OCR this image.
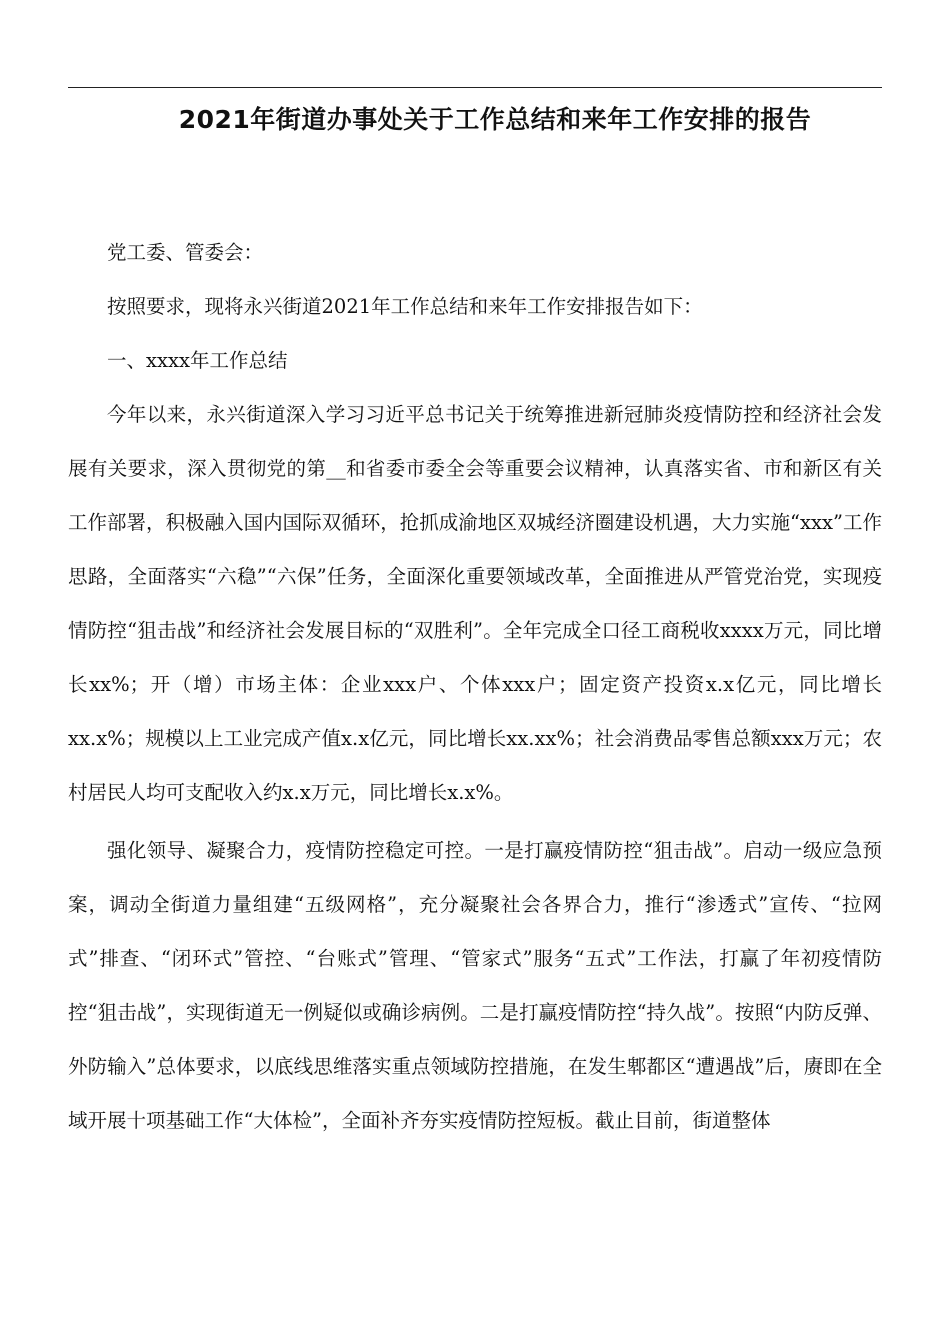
2021年街道办事处关于工作总结和来年工作安排的报告

党工委、管委会：

按照要求，现将永兴街道2021年工作总结和来年工作安排报告如下：

一、xxxx年工作总结

今年以来，永兴街道深入学习习近平总书记关于统筹推进新冠肺炎疫情防控和经济社会发展有关要求，深入贯彻党的第__和省委市委全会等重要会议精神，认真落实省、市和新区有关工作部署，积极融入国内国际双循环，抢抓成渝地区双城经济圈建设机遇，大力实施“xxx”工作思路，全面落实“六稳”“六保”任务，全面深化重要领域改革，全面推进从严管党治党，实现疫情防控“狙击战”和经济社会发展目标的“双胜利”。全年完成全口径工商税收xxxx万元，同比增长xx%；开（增）市场主体：企业xxx户、个体xxx户；固定资产投资x.x亿元，同比增长xx.x%；规模以上工业完成产值x.x亿元，同比增长xx.xx%；社会消费品零售总额xxx万元；农村居民人均可支配收入约x.x万元，同比增长x.x%。

强化领导、凝聚合力，疫情防控稳定可控。一是打赢疫情防控“狙击战”。启动一级应急预案，调动全街道力量组建“五级网格”，充分凝聚社会各界合力，推行“渗透式”宣传、“拉网式”排查、“闭环式”管控、“台账式”管理、“管家式”服务“五式”工作法，打赢了年初疫情防控“狙击战”，实现街道无一例疑似或确诊病例。二是打赢疫情防控“持久战”。按照“内防反弹、外防输入”总体要求，以底线思维落实重点领域防控措施，在发生郫都区“遭遇战”后，赓即在全域开展十项基础工作“大体检”，全面补齐夯实疫情防控短板。截止目前，街道整体
